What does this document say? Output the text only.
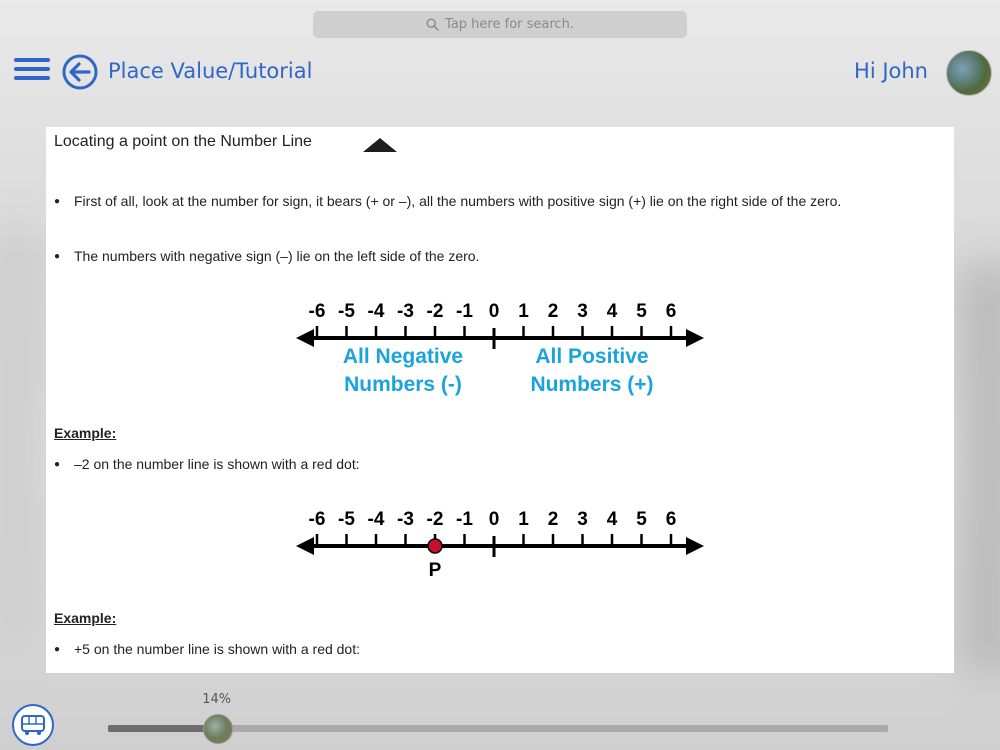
Tap here for search.
Place Value/Tutorial	Hi John
Locating a point on the Number Line
● First of all, look at the number for sign, it bears (+ or –), all the numbers with positive sign (+) lie on the right side of the zero.
● The numbers with negative sign (–) lie on the left side of the zero.
-6 -5 -4 -3 -2 -1 0 1 2 3 4 5 6
All Negative
Numbers (-)
All Positive
Numbers (+)
Example:
● –2 on the number line is shown with a red dot:
-6 -5 -4 -3 -2 -1 0 1 2 3 4 5 6
P
Example:
● +5 on the number line is shown with a red dot:
14%
